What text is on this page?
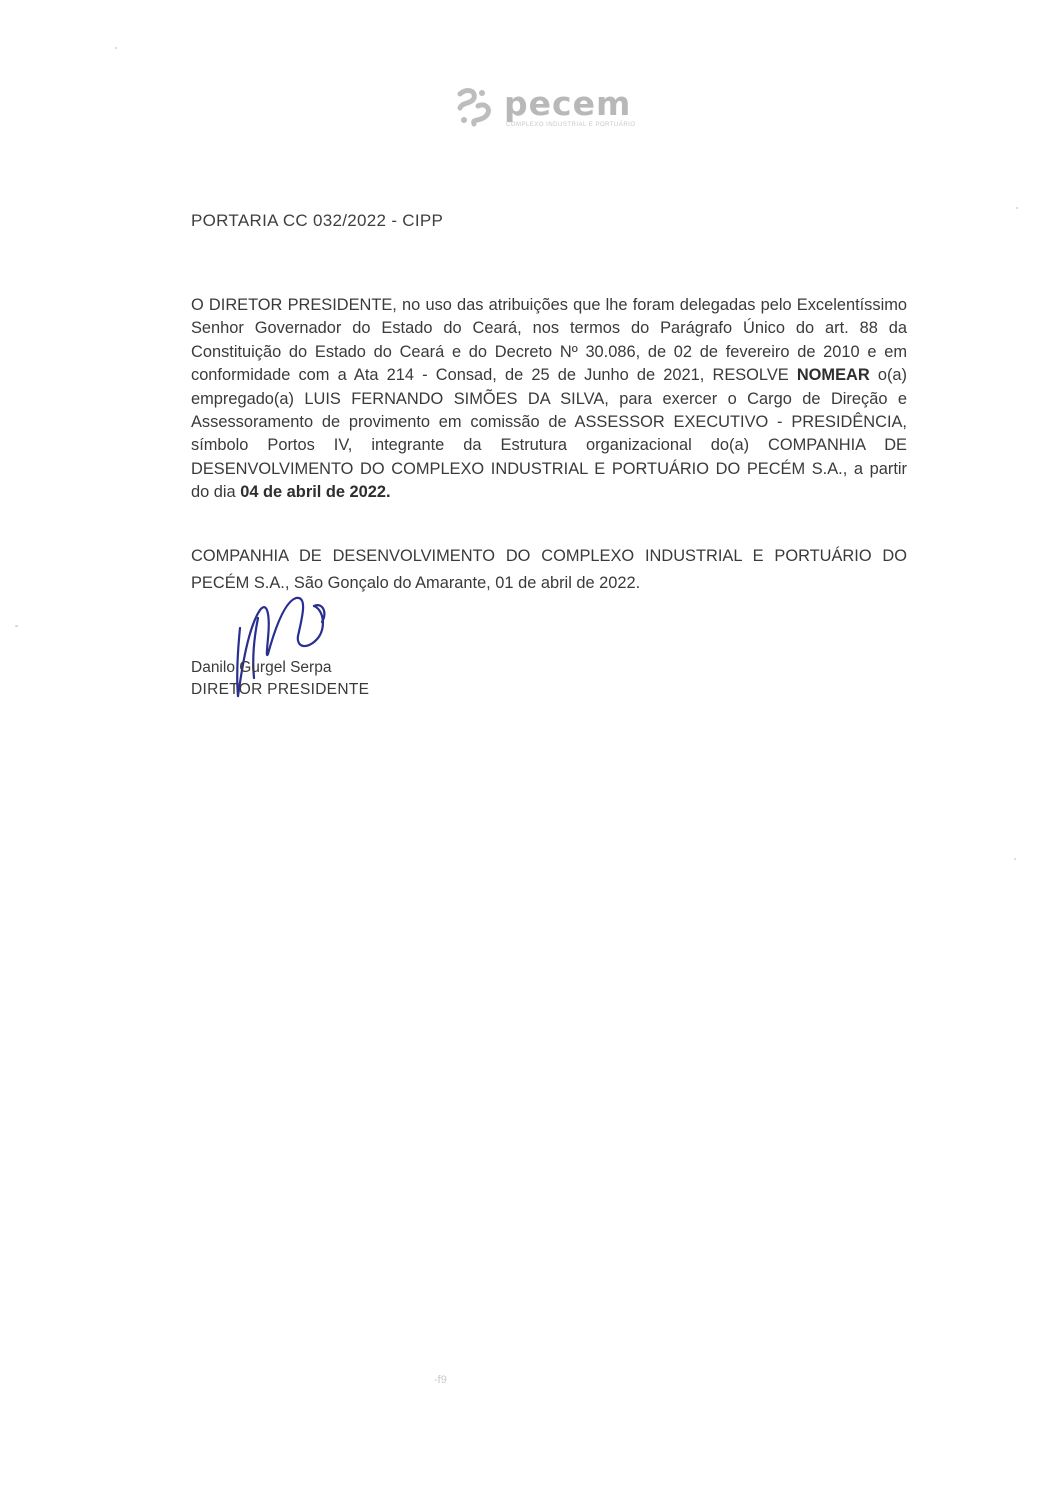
pecem
COMPLEXO INDUSTRIAL E PORTUÁRIO
PORTARIA CC 032/2022 - CIPP
O DIRETOR PRESIDENTE, no uso das atribuições que lhe foram delegadas pelo Excelentíssimo Senhor Governador do Estado do Ceará, nos termos do Parágrafo Único do art. 88 da Constituição do Estado do Ceará e do Decreto Nº 30.086, de 02 de fevereiro de 2010 e em conformidade com a Ata 214 - Consad, de 25 de Junho de 2021, RESOLVE NOMEAR o(a) empregado(a) LUIS FERNANDO SIMÕES DA SILVA, para exercer o Cargo de Direção e Assessoramento de provimento em comissão de ASSESSOR EXECUTIVO - PRESIDÊNCIA, símbolo Portos IV, integrante da Estrutura organizacional do(a) COMPANHIA DE DESENVOLVIMENTO DO COMPLEXO INDUSTRIAL E PORTUÁRIO DO PECÉM S.A., a partir do dia 04 de abril de 2022.
COMPANHIA DE DESENVOLVIMENTO DO COMPLEXO INDUSTRIAL E PORTUÁRIO DO PECÉM S.A., São Gonçalo do Amarante, 01 de abril de 2022.
Danilo Gurgel Serpa
DIRETOR PRESIDENTE
-f9
